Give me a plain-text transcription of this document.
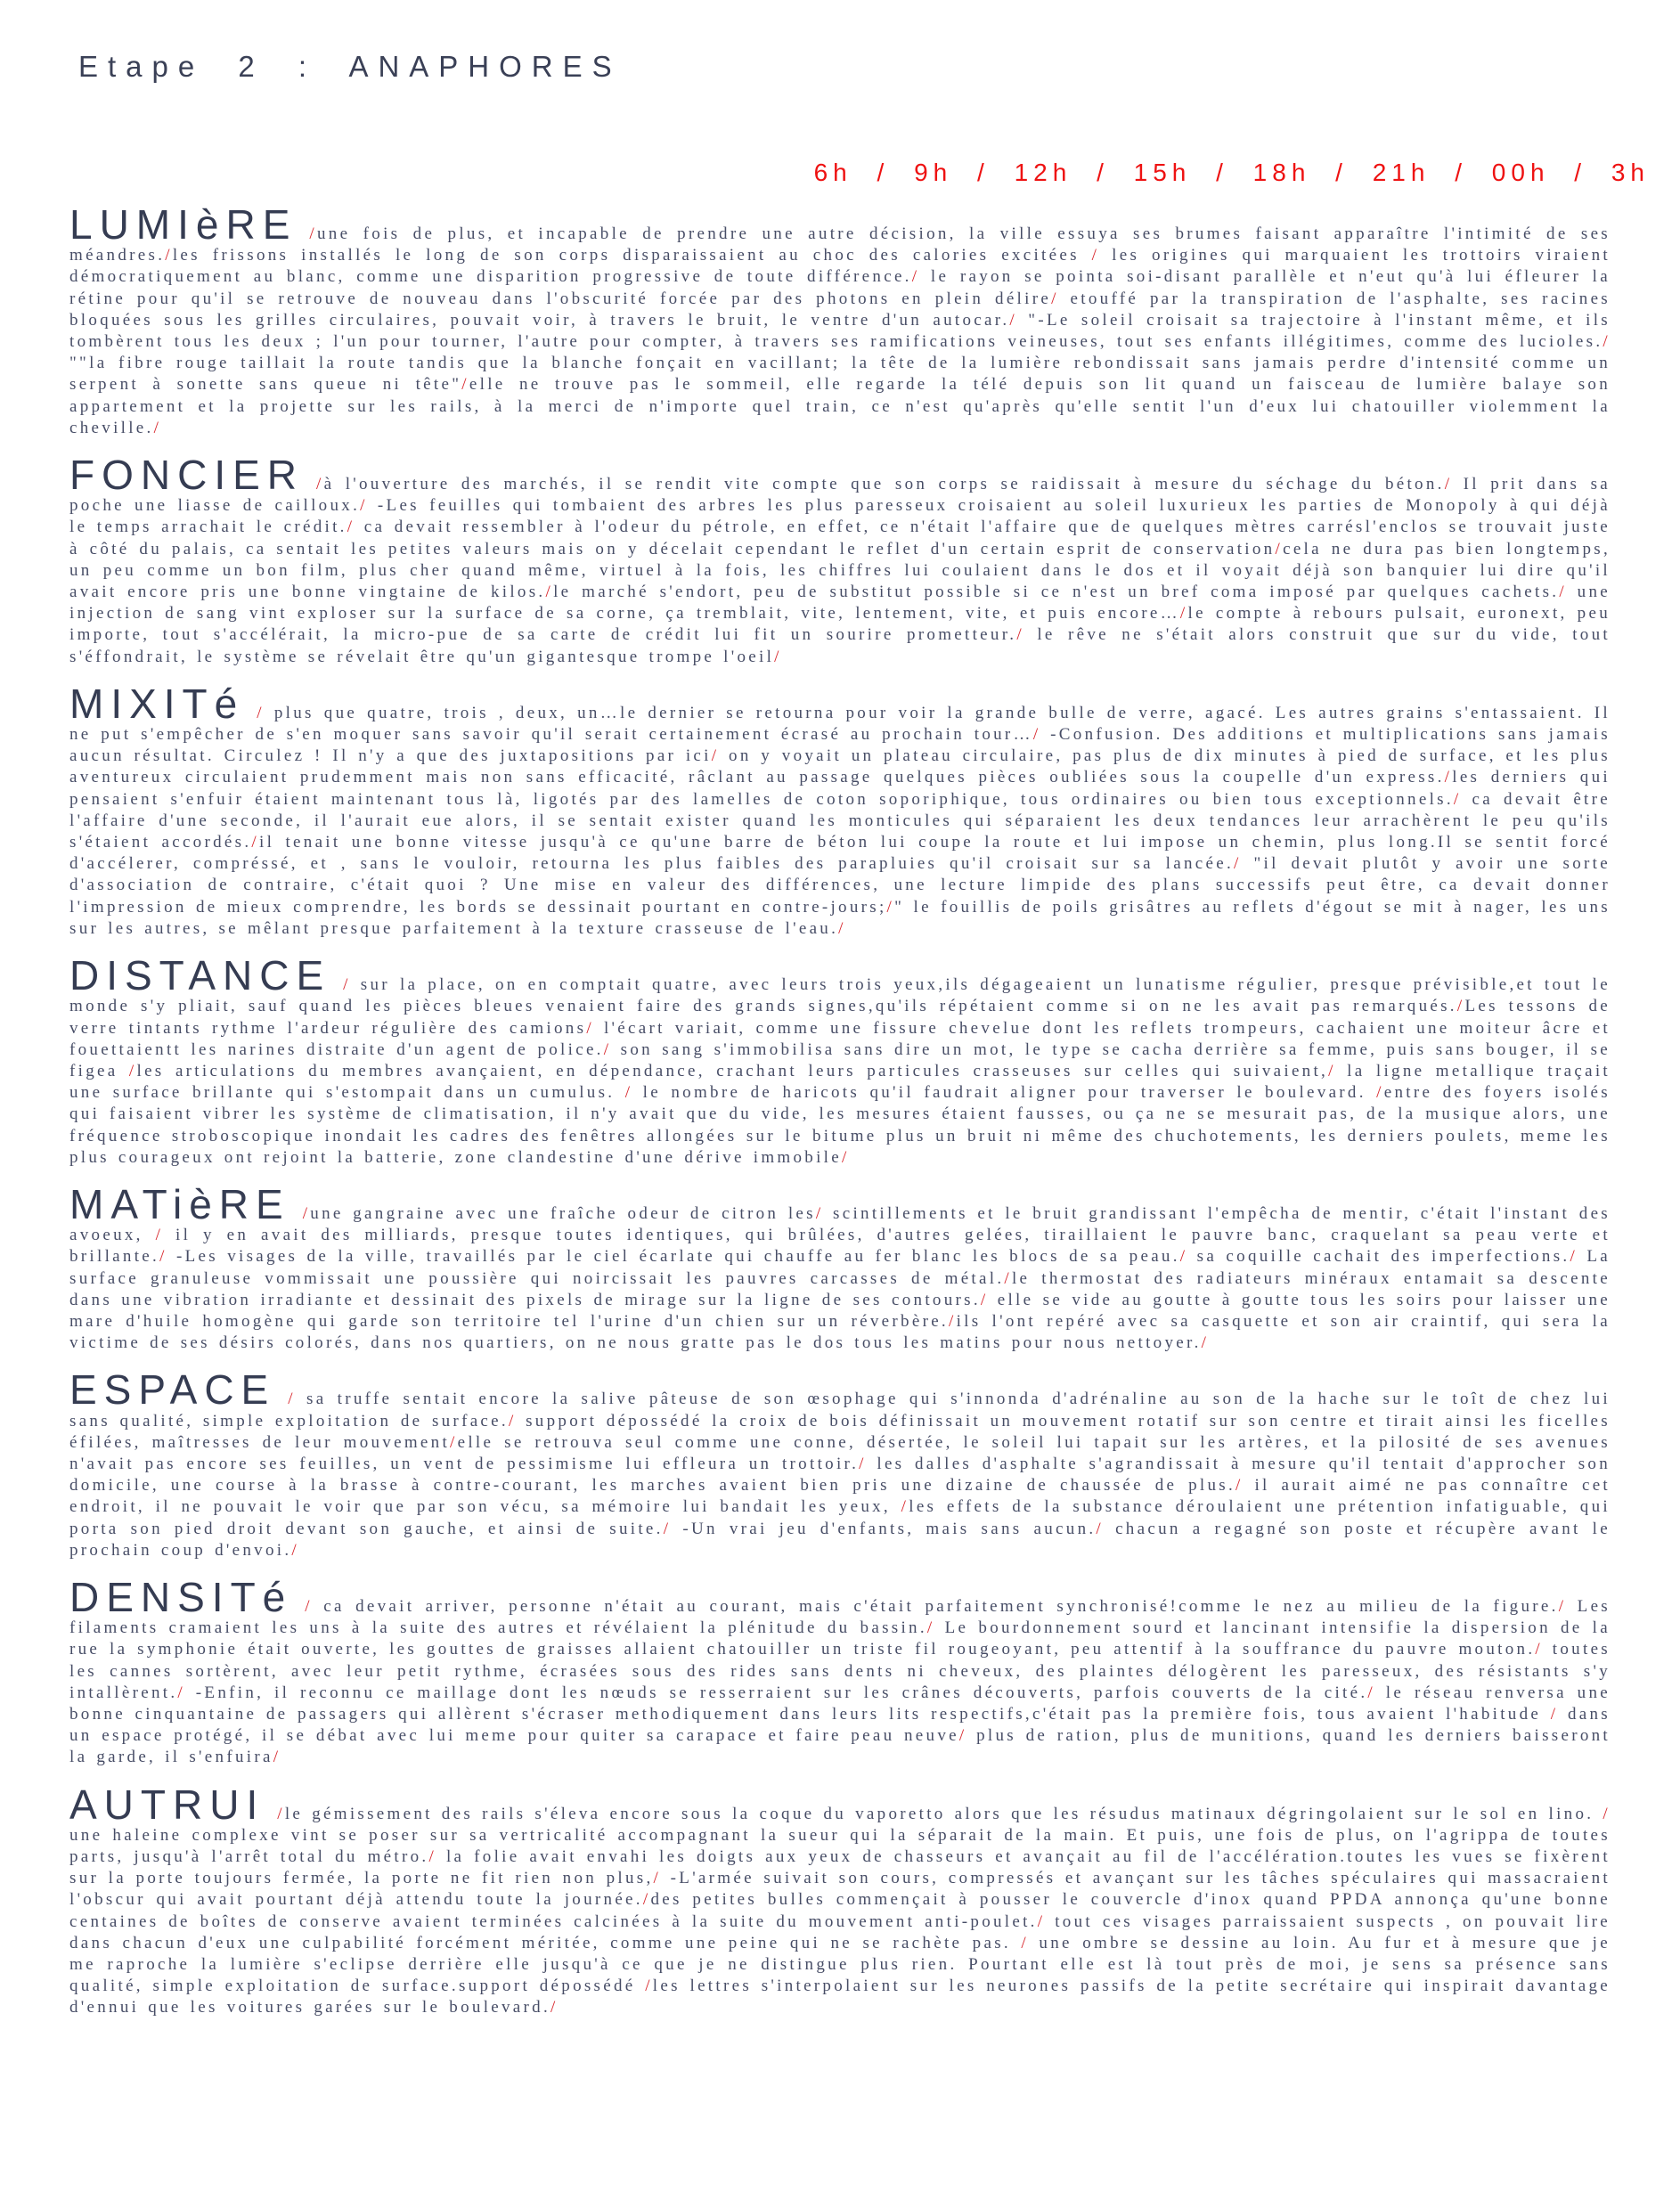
Etape 2 : ANAPHORES
6h / 9h / 12h / 15h / 18h / 21h / 00h / 3h

LUMIèRE /une fois de plus, et incapable de prendre une autre décision, la ville essuya ses brumes faisant apparaître l'intimité de ses méandres./les frissons installés le long de son corps disparaissaient au choc des calories excitées / les origines qui marquaient les trottoirs viraient démocratiquement au blanc, comme une disparition progressive de toute différence./ le rayon se pointa soi-disant parallèle et n'eut qu'à lui éfleurer la rétine pour qu'il se retrouve de nouveau dans l'obscurité forcée par des photons en plein délire/ etouffé par la transpiration de l'asphalte, ses racines bloquées sous les grilles circulaires, pouvait voir, à travers le bruit, le ventre d'un autocar./ "-Le soleil croisait sa trajectoire à l'instant même, et ils tombèrent tous les deux ; l'un pour tourner, l'autre pour compter, à travers ses ramifications veineuses, tout ses enfants illégitimes, comme des lucioles./ ""la fibre rouge taillait la route tandis que la blanche fonçait en vacillant; la tête de la lumière rebondissait sans jamais perdre d'intensité comme un serpent à sonette sans queue ni tête"/elle ne trouve pas le sommeil, elle regarde la télé depuis son lit quand un faisceau de lumière balaye son appartement et la projette sur les rails, à la merci de n'importe quel train, ce n'est qu'après qu'elle sentit l'un d'eux lui chatouiller violemment la cheville./

FONCIER /à l'ouverture des marchés, il se rendit vite compte que son corps se raidissait à mesure du séchage du béton./ Il prit dans sa poche une liasse de cailloux./ -Les feuilles qui tombaient des arbres les plus paresseux croisaient au soleil luxurieux les parties de Monopoly à qui déjà le temps arrachait le crédit./ ca devait ressembler à l'odeur du pétrole, en effet, ce n'était l'affaire que de quelques mètres carrésl'enclos se trouvait juste à côté du palais, ca sentait les petites valeurs mais on y décelait cependant le reflet d'un certain esprit de conservation/cela ne dura pas bien longtemps, un peu comme un bon film, plus cher quand même, virtuel à la fois, les chiffres lui coulaient dans le dos et il voyait déjà son banquier lui dire qu'il avait encore pris une bonne vingtaine de kilos./le marché s'endort, peu de substitut possible si ce n'est un bref coma imposé par quelques cachets./ une injection de sang vint exploser sur la surface de sa corne, ça tremblait, vite, lentement, vite, et puis encore…/le compte à rebours pulsait, euronext, peu importe, tout s'accélérait, la micro-pue de sa carte de crédit lui fit un sourire prometteur./ le rêve ne s'était alors construit que sur du vide, tout s'éffondrait, le système se révelait être qu'un gigantesque trompe l'oeil/

MIXITé / plus que quatre, trois , deux, un…le dernier se retourna pour voir la grande bulle de verre, agacé. Les autres grains s'entassaient. Il ne put s'empêcher de s'en moquer sans savoir qu'il serait certainement écrasé au prochain tour…/ -Confusion. Des additions et multiplications sans jamais aucun résultat. Circulez ! Il n'y a que des juxtapositions par ici/ on y voyait un plateau circulaire, pas plus de dix minutes à pied de surface, et les plus aventureux circulaient prudemment mais non sans efficacité, râclant au passage quelques pièces oubliées sous la coupelle d'un express./les derniers qui pensaient s'enfuir étaient maintenant tous là, ligotés par des lamelles de coton soporiphique, tous ordinaires ou bien tous exceptionnels./ ca devait être l'affaire d'une seconde, il l'aurait eue alors, il se sentait exister quand les monticules qui séparaient les deux tendances leur arrachèrent le peu qu'ils s'étaient accordés./il tenait une bonne vitesse jusqu'à ce qu'une barre de béton lui coupe la route et lui impose un chemin, plus long.Il se sentit forcé d'accélerer, compréssé, et , sans le vouloir, retourna les plus faibles des parapluies qu'il croisait sur sa lancée./ "il devait plutôt y avoir une sorte d'association de contraire, c'était quoi ? Une mise en valeur des différences, une lecture limpide des plans successifs peut être, ca devait donner l'impression de mieux comprendre, les bords se dessinait pourtant en contre-jours;/" le fouillis de poils grisâtres au reflets d'égout se mit à nager, les uns sur les autres, se mêlant presque parfaitement à la texture crasseuse de l'eau./

DISTANCE / sur la place, on en comptait quatre, avec leurs trois yeux,ils dégageaient un lunatisme régulier, presque prévisible,et tout le monde s'y pliait, sauf quand les pièces bleues venaient faire des grands signes,qu'ils répétaient comme si on ne les avait pas remarqués./Les tessons de verre tintants rythme l'ardeur régulière des camions/ l'écart variait, comme une fissure chevelue dont les reflets trompeurs, cachaient une moiteur âcre et fouettaientt les narines distraite d'un agent de police./ son sang s'immobilisa sans dire un mot, le type se cacha derrière sa femme, puis sans bouger, il se figea /les articulations du membres avançaient, en dépendance, crachant leurs particules crasseuses sur celles qui suivaient,/ la ligne metallique traçait une surface brillante qui s'estompait dans un cumulus. / le nombre de haricots qu'il faudrait aligner pour traverser le boulevard. /entre des foyers isolés qui faisaient vibrer les système de climatisation, il n'y avait que du vide, les mesures étaient fausses, ou ça ne se mesurait pas, de la musique alors, une fréquence stroboscopique inondait les cadres des fenêtres allongées sur le bitume plus un bruit ni même des chuchotements, les derniers poulets, meme les plus courageux ont rejoint la batterie, zone clandestine d'une dérive immobile/

MATièRE /une gangraine avec une fraîche odeur de citron les/ scintillements et le bruit grandissant l'empêcha de mentir, c'était l'instant des avoeux, / il y en avait des milliards, presque toutes identiques, qui brûlées, d'autres gelées, tiraillaient le pauvre banc, craquelant sa peau verte et brillante./ -Les visages de la ville, travaillés par le ciel écarlate qui chauffe au fer blanc les blocs de sa peau./ sa coquille cachait des imperfections./ La surface granuleuse vommissait une poussière qui noircissait les pauvres carcasses de métal./le thermostat des radiateurs minéraux entamait sa descente dans une vibration irradiante et dessinait des pixels de mirage sur la ligne de ses contours./ elle se vide au goutte à goutte tous les soirs pour laisser une mare d'huile homogène qui garde son territoire tel l'urine d'un chien sur un réverbère./ils l'ont repéré avec sa casquette et son air craintif, qui sera la victime de ses désirs colorés, dans nos quartiers, on ne nous gratte pas le dos tous les matins pour nous nettoyer./

ESPACE / sa truffe sentait encore la salive pâteuse de son œsophage qui s'innonda d'adrénaline au son de la hache sur le toît de chez lui sans qualité, simple exploitation de surface./ support dépossédé la croix de bois définissait un mouvement rotatif sur son centre et tirait ainsi les ficelles éfilées, maîtresses de leur mouvement/elle se retrouva seul comme une conne, désertée, le soleil lui tapait sur les artères, et la pilosité de ses avenues n'avait pas encore ses feuilles, un vent de pessimisme lui effleura un trottoir./ les dalles d'asphalte s'agrandissait à mesure qu'il tentait d'approcher son domicile, une course à la brasse à contre-courant, les marches avaient bien pris une dizaine de chaussée de plus./ il aurait aimé ne pas connaître cet endroit, il ne pouvait le voir que par son vécu, sa mémoire lui bandait les yeux, /les effets de la substance déroulaient une prétention infatiguable, qui porta son pied droit devant son gauche, et ainsi de suite./ -Un vrai jeu d'enfants, mais sans aucun./ chacun a regagné son poste et récupère avant le prochain coup d'envoi./

DENSITé / ca devait arriver, personne n'était au courant, mais c'était parfaitement synchronisé!comme le nez au milieu de la figure./ Les filaments cramaient les uns à la suite des autres et révélaient la plénitude du bassin./ Le bourdonnement sourd et lancinant intensifie la dispersion de la rue la symphonie était ouverte, les gouttes de graisses allaient chatouiller un triste fil rougeoyant, peu attentif à la souffrance du pauvre mouton./ toutes les cannes sortèrent, avec leur petit rythme, écrasées sous des rides sans dents ni cheveux, des plaintes délogèrent les paresseux, des résistants s'y intallèrent./ -Enfin, il reconnu ce maillage dont les nœuds se resserraient sur les crânes découverts, parfois couverts de la cité./ le réseau renversa une bonne cinquantaine de passagers qui allèrent s'écraser methodiquement dans leurs lits respectifs,c'était pas la première fois, tous avaient l'habitude / dans un espace protégé, il se débat avec lui meme pour quiter sa carapace et faire peau neuve/ plus de ration, plus de munitions, quand les derniers baisseront la garde, il s'enfuira/

AUTRUI /le gémissement des rails s'éleva encore sous la coque du vaporetto alors que les résudus matinaux dégringolaient sur le sol en lino. / une haleine complexe vint se poser sur sa vertricalité accompagnant la sueur qui la séparait de la main. Et puis, une fois de plus, on l'agrippa de toutes parts, jusqu'à l'arrêt total du métro./ la folie avait envahi les doigts aux yeux de chasseurs et avançait au fil de l'accélération.toutes les vues se fixèrent sur la porte toujours fermée, la porte ne fit rien non plus,/ -L'armée suivait son cours, compressés et avançant sur les tâches spéculaires qui massacraient l'obscur qui avait pourtant déjà attendu toute la journée./des petites bulles commençait à pousser le couvercle d'inox quand PPDA annonça qu'une bonne centaines de boîtes de conserve avaient terminées calcinées à la suite du mouvement anti-poulet./ tout ces visages parraissaient suspects , on pouvait lire dans chacun d'eux une culpabilité forcément méritée, comme une peine qui ne se rachète pas. / une ombre se dessine au loin. Au fur et à mesure que je me raproche la lumière s'eclipse derrière elle jusqu'à ce que je ne distingue plus rien. Pourtant elle est là tout près de moi, je sens sa présence sans qualité, simple exploitation de surface.support dépossédé /les lettres s'interpolaient sur les neurones passifs de la petite secrétaire qui inspirait davantage d'ennui que les voitures garées sur le boulevard./
